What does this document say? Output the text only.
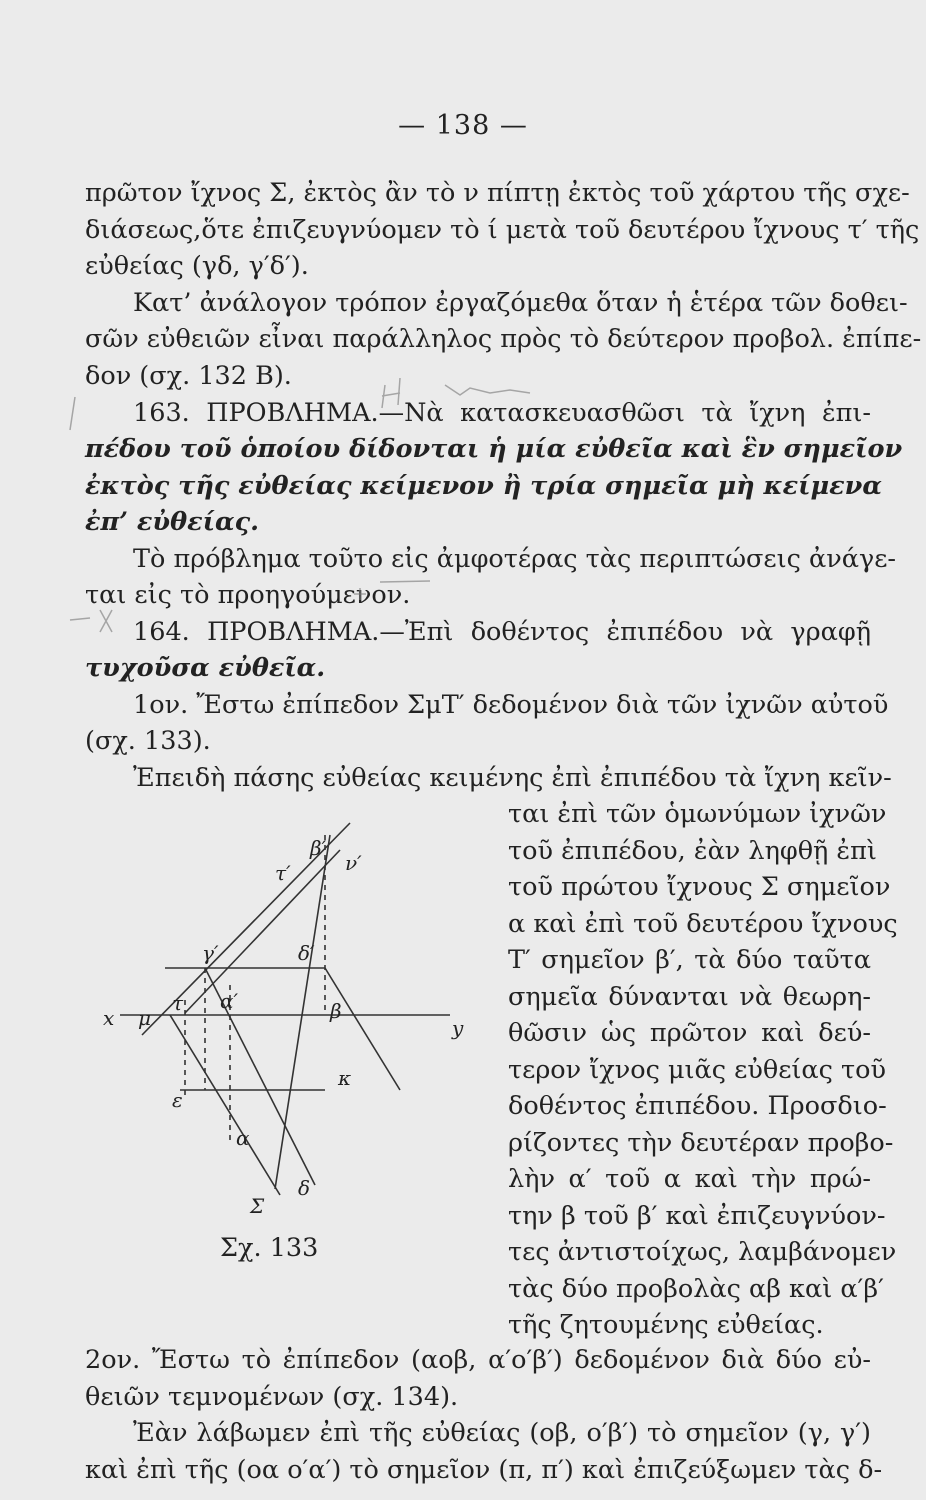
— 138 —
πρῶτον ἴχνος Σ, ἐκτὸς ἂν τὸ ν πίπτῃ ἐκτὸς τοῦ χάρτου τῆς σχε-
διάσεως,ὅτε ἐπιζευγνύομεν τὸ ί μετὰ τοῦ δευτέρου ἴχνους τ′ τῆς
εὐθείας (γδ, γ′δ′).
Κατ’ ἀνάλογον τρόπον ἐργαζόμεθα ὅταν ἡ ἑτέρα τῶν δοθει-
σῶν εὐθειῶν εἶναι παράλληλος πρὸς τὸ δεύτερον προβολ. ἐπίπε-
δον (σχ. 132 Β).
163. ΠΡΟΒΛΗΜΑ.—Νὰ κατασκευασθῶσι τὰ ἴχνη ἐπι-
πέδου τοῦ ὁποίου δίδονται ἡ μία εὐθεῖα καὶ ἓν σημεῖον
ἐκτὸς τῆς εὐθείας κείμενον ἢ τρία σημεῖα μὴ κείμενα
ἐπ’ εὐθείας.
Τὸ πρόβλημα τοῦτο εἰς ἀμφοτέρας τὰς περιπτώσεις ἀνάγε-
ται εἰς τὸ προηγούμενον.
164. ΠΡΟΒΛΗΜΑ.—Ἐπὶ δοθέντος ἐπιπέδου νὰ γραφῇ
τυχοῦσα εὐθεῖα.
1ον. Ἔστω ἐπίπεδον ΣμΤ′ δεδομένον διὰ τῶν ἰχνῶν αὐτοῦ
(σχ. 133).
Ἐπειδὴ πάσης εὐθείας κειμένης ἐπὶ ἐπιπέδου τὰ ἴχνη κεῖν-
ται ἐπὶ τῶν ὁμωνύμων ἰχνῶν
τοῦ ἐπιπέδου, ἐὰν ληφθῇ ἐπὶ
τοῦ πρώτου ἴχνους Σ σημεῖον
α καὶ ἐπὶ τοῦ δευτέρου ἴχνους
Τ′ σημεῖον β′, τὰ δύο ταῦτα
σημεῖα δύνανται νὰ θεωρη-
θῶσιν ὡς πρῶτον καὶ δεύ-
τερον ἴχνος μιᾶς εὐθείας τοῦ
δοθέντος ἐπιπέδου. Προσδιο-
ρίζοντες τὴν δευτέραν προβο-
λὴν α′ τοῦ α καὶ τὴν πρώ-
την β τοῦ β′ καὶ ἐπιζευγνύον-
τες ἀντιστοίχως, λαμβάνομεν
τὰς δύο προβολὰς αβ καὶ α′β′
τῆς ζητουμένης εὐθείας.
β′
τ′	ν′
γ′	δ′
x	y
μ
τ α′	β
ε
κ
α
Σ
δ
Σχ. 133
2ον. Ἔστω τὸ ἐπίπεδον (αοβ, α′ο′β′) δεδομένον διὰ δύο εὐ-
θειῶν τεμνομένων (σχ. 134).
Ἐὰν λάβωμεν ἐπὶ τῆς εὐθείας (οβ, ο′β′) τὸ σημεῖον (γ, γ′)
καὶ ἐπὶ τῆς (οα ο′α′) τὸ σημεῖον (π, π′) καὶ ἐπιζεύξωμεν τὰς δ-
